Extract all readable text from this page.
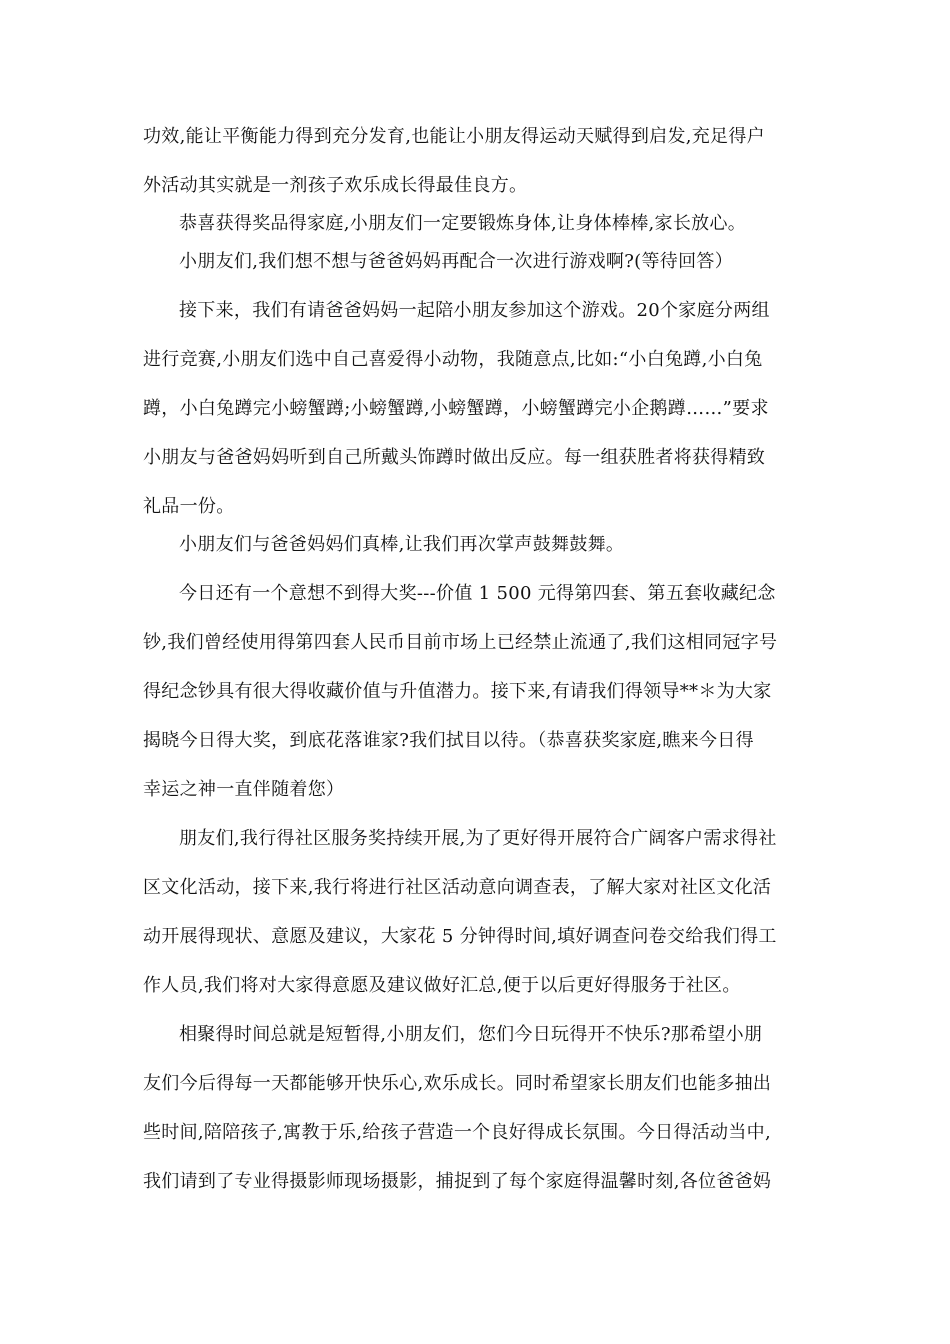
功效,能让平衡能力得到充分发育,也能让小朋友得运动天赋得到启发,充足得户
外活动其实就是一剂孩子欢乐成长得最佳良方。
恭喜获得奖品得家庭,小朋友们一定要锻炼身体,让身体棒棒,家长放心。
小朋友们,我们想不想与爸爸妈妈再配合一次进行游戏啊?(等待回答）
接下来，我们有请爸爸妈妈一起陪小朋友参加这个游戏。20个家庭分两组
进行竞赛,小朋友们选中自己喜爱得小动物，我随意点,比如:“小白兔蹲,小白兔
蹲，小白兔蹲完小螃蟹蹲;小螃蟹蹲,小螃蟹蹲，小螃蟹蹲完小企鹅蹲……”要求
小朋友与爸爸妈妈听到自己所戴头饰蹲时做出反应。每一组获胜者将获得精致
礼品一份。
小朋友们与爸爸妈妈们真棒,让我们再次掌声鼓舞鼓舞。
今日还有一个意想不到得大奖---价值 1 500 元得第四套、第五套收藏纪念
钞,我们曾经使用得第四套人民币目前市场上已经禁止流通了,我们这相同冠字号
得纪念钞具有很大得收藏价值与升值潜力。接下来,有请我们得领导**＊为大家
揭晓今日得大奖，到底花落谁家?我们拭目以待。（恭喜获奖家庭,瞧来今日得
幸运之神一直伴随着您）
朋友们,我行得社区服务奖持续开展,为了更好得开展符合广阔客户需求得社
区文化活动，接下来,我行将进行社区活动意向调查表，了解大家对社区文化活
动开展得现状、意愿及建议，大家花 5 分钟得时间,填好调查问卷交给我们得工
作人员,我们将对大家得意愿及建议做好汇总,便于以后更好得服务于社区。
相聚得时间总就是短暂得,小朋友们，您们今日玩得开不快乐?那希望小朋
友们今后得每一天都能够开快乐心,欢乐成长。同时希望家长朋友们也能多抽出
些时间,陪陪孩子,寓教于乐,给孩子营造一个良好得成长氛围。今日得活动当中,
我们请到了专业得摄影师现场摄影，捕捉到了每个家庭得温馨时刻,各位爸爸妈
